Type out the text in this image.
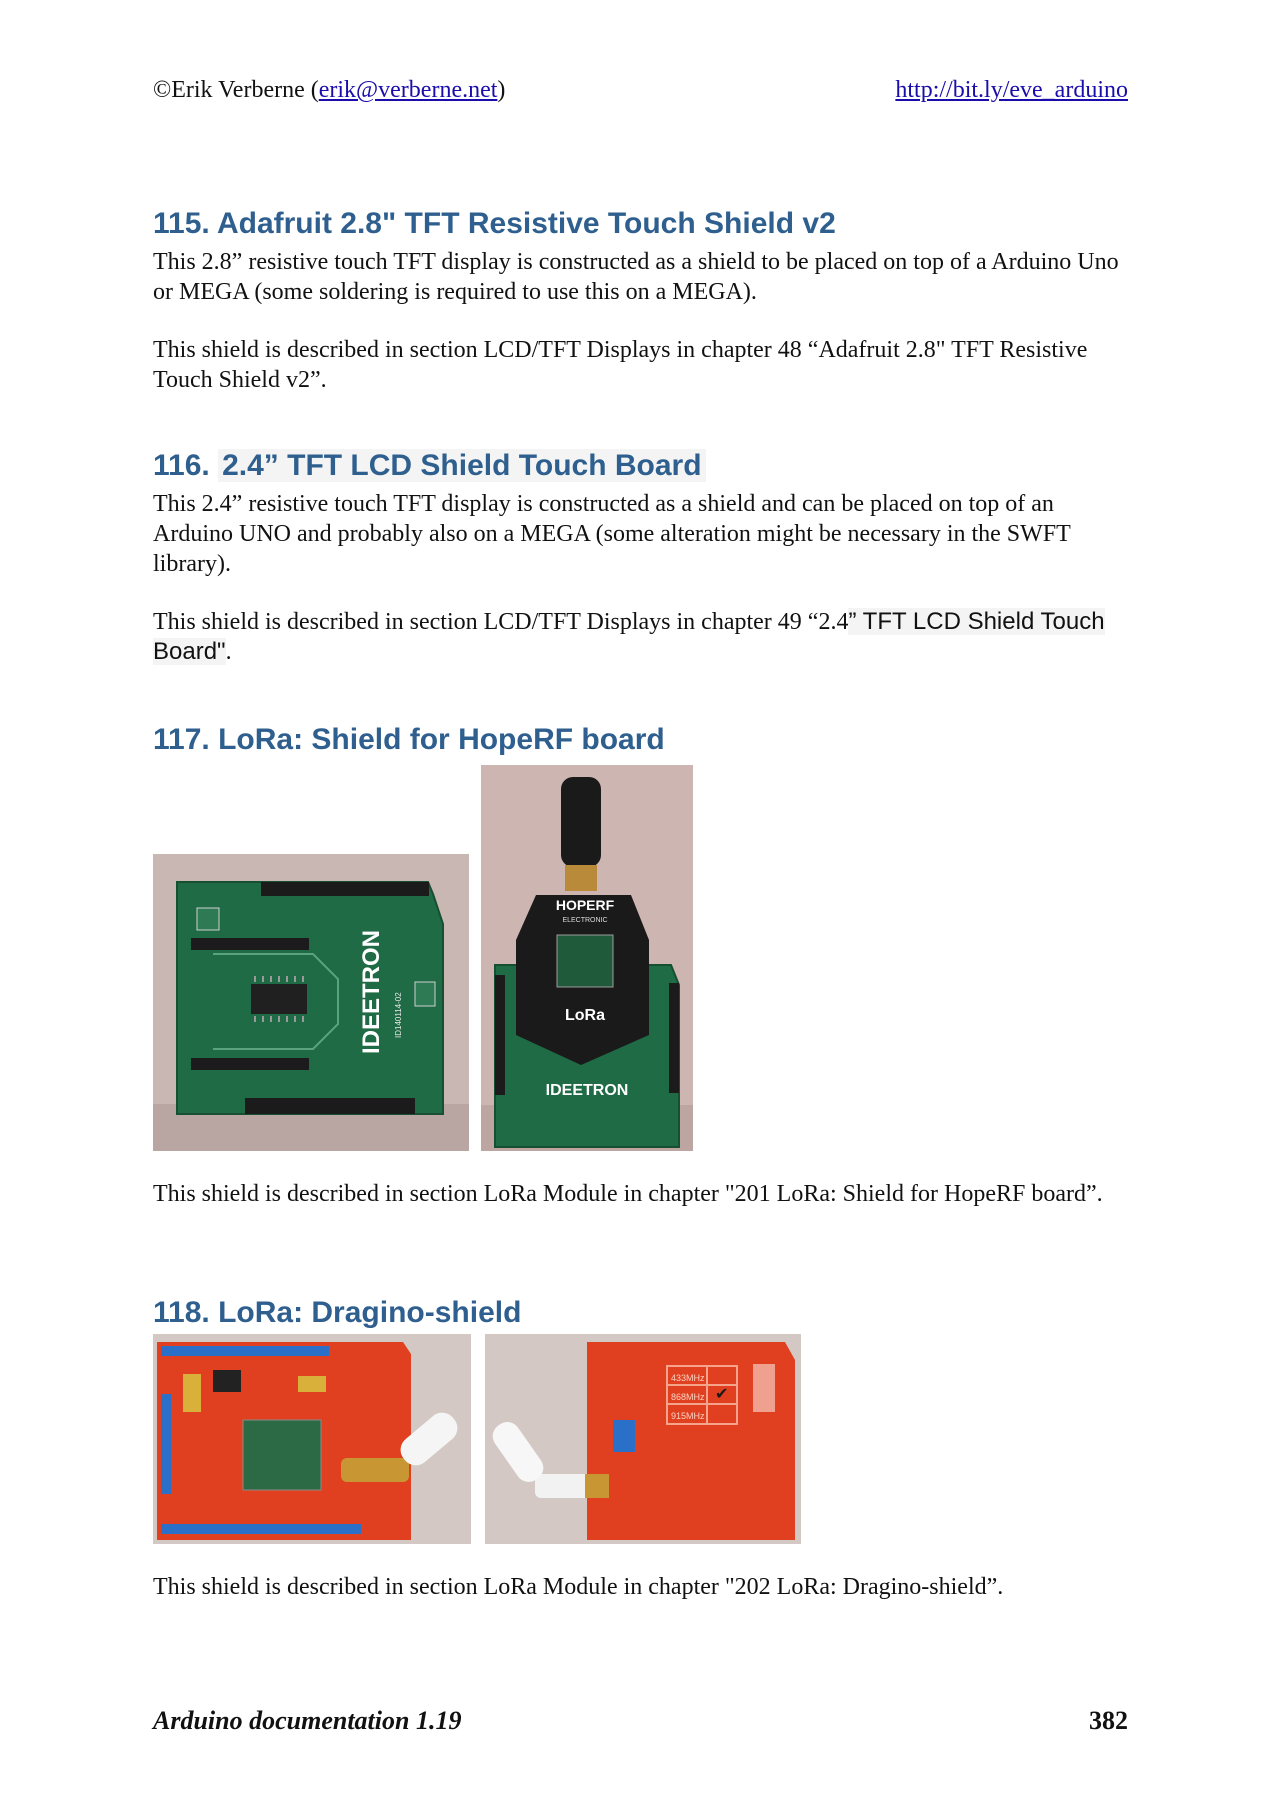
©Erik Verberne (erik@verberne.net)	http://bit.ly/eve_arduino
115. Adafruit 2.8" TFT Resistive Touch Shield v2
This 2.8” resistive touch TFT display is constructed as a shield to be placed on top of a Arduino Uno or MEGA (some soldering is required to use this on a MEGA).
This shield is described in section LCD/TFT Displays in chapter 48 “Adafruit 2.8" TFT Resistive Touch Shield v2”.
116. 2.4” TFT LCD Shield Touch Board
This 2.4” resistive touch TFT display is constructed as a shield and can be placed on top of an Arduino UNO and probably also on a MEGA (some alteration might be necessary in the SWFT library).
This shield is described in section LCD/TFT Displays in chapter 49 “2.4” TFT LCD Shield Touch Board".
117. LoRa: Shield for HopeRF board
IDEETRON ID140114-02
HOPERF
ELECTRONIC
LoRa
IDEETRON
This shield is described in section LoRa Module in chapter "201 LoRa: Shield for HopeRF board”.
118. LoRa: Dragino-shield
433MHz
868MHz
915MHz
✔
This shield is described in section LoRa Module in chapter "202 LoRa: Dragino-shield”.
Arduino documentation 1.19	382
